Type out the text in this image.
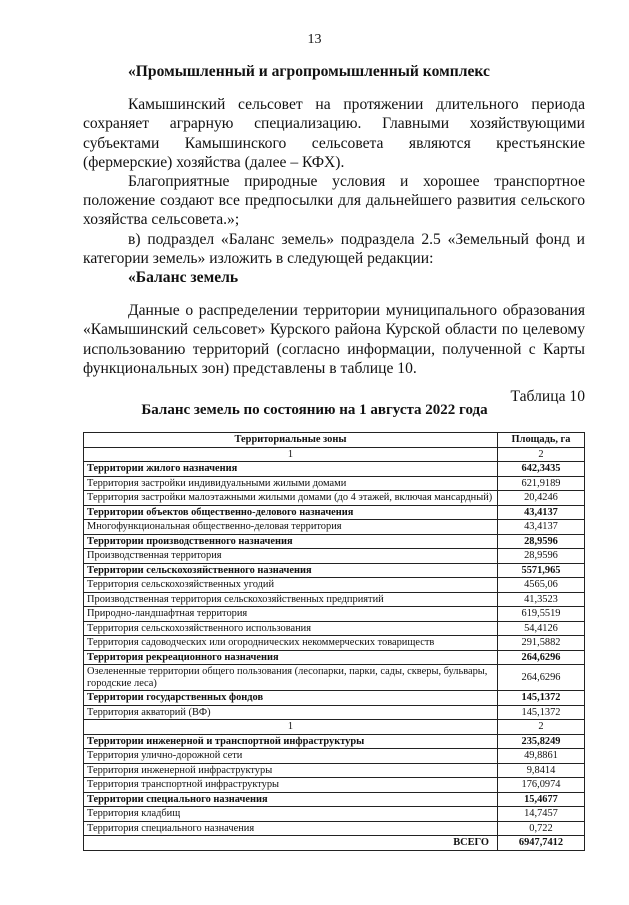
13

«Промышленный и агропромышленный комплекс

Камышинский сельсовет на протяжении длительного периода сохраняет аграрную специализацию. Главными хозяйствующими субъектами Камышинского сельсовета являются крестьянские (фермерские) хозяйства (далее – КФХ).

Благоприятные природные условия и хорошее транспортное положение создают все предпосылки для дальнейшего развития сельского хозяйства сельсовета.»;

в) подраздел «Баланс земель» подраздела 2.5 «Земельный фонд и категории земель» изложить в следующей редакции:

«Баланс земель

Данные о распределении территории муниципального образования «Камышинский сельсовет» Курского района Курской области по целевому использованию территорий (согласно информации, полученной с Карты функциональных зон) представлены в таблице 10.

Таблица 10

Баланс земель по состоянию на 1 августа 2022 года
Территориальные зоны	Площадь, га
1	2
Территории жилого назначения	642,3435
Территория застройки индивидуальными жилыми домами	621,9189
Территория застройки малоэтажными жилыми домами (до 4 этажей, включая мансардный)	20,4246
Территории объектов общественно-делового назначения	43,4137
Многофункциональная общественно-деловая территория	43,4137
Территории производственного назначения	28,9596
Производственная территория	28,9596
Территории сельскохозяйственного назначения	5571,965
Территория сельскохозяйственных угодий	4565,06
Производственная территория сельскохозяйственных предприятий	41,3523
Природно-ландшафтная территория	619,5519
Территория сельскохозяйственного использования	54,4126
Территория садоводческих или огороднических некоммерческих товариществ	291,5882
Территория рекреационного назначения	264,6296
Озелененные территории общего пользования (лесопарки, парки, сады, скверы, бульвары, городские леса)	264,6296
Территории государственных фондов	145,1372
Территория акваторий (ВФ)	145,1372
1	2
Территории инженерной и транспортной инфраструктуры	235,8249
Территория улично-дорожной сети	49,8861
Территория инженерной инфраструктуры	9,8414
Территория транспортной инфраструктуры	176,0974
Территории специального назначения	15,4677
Территория кладбищ	14,7457
Территория специального назначения	0,722
ВСЕГО	6947,7412
